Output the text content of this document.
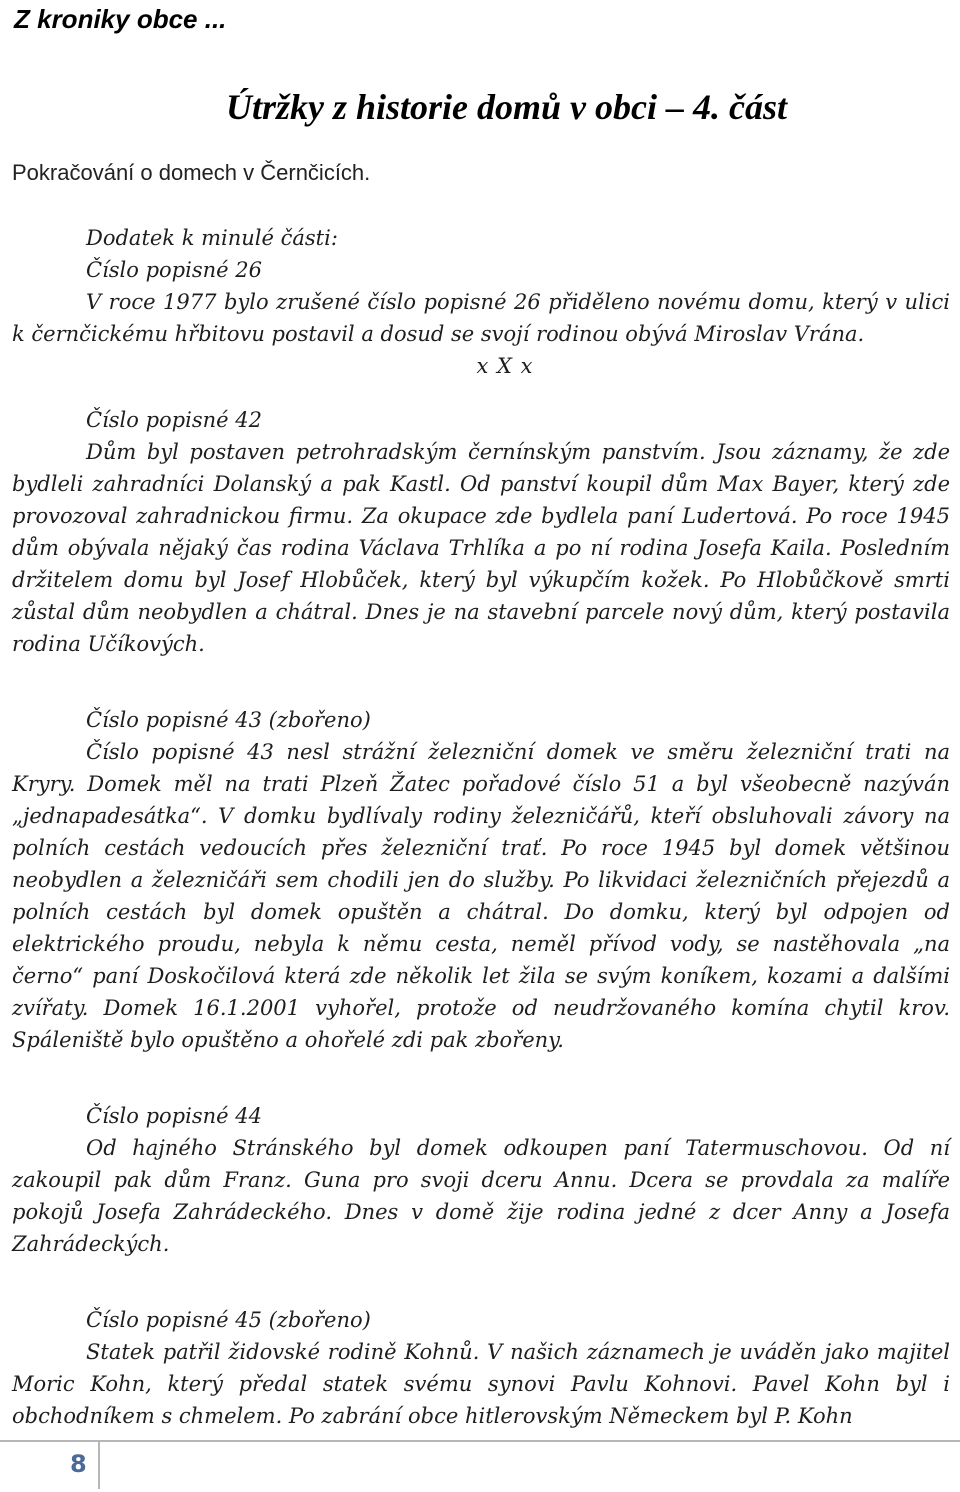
Z kroniky obce ...
Útržky z historie domů v obci – 4. část
Pokračování o domech v Černčicích.

Dodatek k minulé části:

Číslo popisné 26

V roce 1977 bylo zrušené číslo popisné 26 přiděleno novému domu, který v ulici k černčickému hřbitovu postavil a dosud se svojí rodinou obývá Miroslav Vrána.

x X x

Číslo popisné 42

Dům byl postaven petrohradským černínským panstvím. Jsou záznamy, že zde bydleli zahradníci Dolanský a pak Kastl. Od panství koupil dům Max Bayer, který zde provozoval zahradnickou firmu. Za okupace zde bydlela paní Ludertová. Po roce 1945 dům obývala nějaký čas rodina Václava Trhlíka a po ní rodina Josefa Kaila. Posledním držitelem domu byl Josef Hlobůček, který byl výkupčím kožek. Po Hlobůčkově smrti zůstal dům neobydlen a chátral. Dnes je na stavební parcele nový dům, který postavila rodina Učíkových.

Číslo popisné 43 (zbořeno)

Číslo popisné 43 nesl strážní železniční domek ve směru železniční trati na Kryry. Domek měl na trati Plzeň Žatec pořadové číslo 51 a byl všeobecně nazýván „jednapadesátka“. V domku bydlívaly rodiny železničářů, kteří obsluhovali závory na polních cestách vedoucích přes železniční trať. Po roce 1945 byl domek většinou neobydlen a železničáři sem chodili jen do služby. Po likvidaci železničních přejezdů a polních cestách byl domek opuštěn a chátral. Do domku, který byl odpojen od elektrického proudu, nebyla k němu cesta, neměl přívod vody, se nastěhovala „na černo“ paní Doskočilová která zde několik let žila se svým koníkem, kozami a dalšími zvířaty. Domek 16.1.2001 vyhořel, protože od neudržovaného komína chytil krov. Spáleniště bylo opuštěno a ohořelé zdi pak zbořeny.

Číslo popisné 44

Od hajného Stránského byl domek odkoupen paní Tatermuschovou. Od ní zakoupil pak dům Franz. Guna pro svoji dceru Annu. Dcera se provdala za malíře pokojů Josefa Zahrádeckého. Dnes v domě žije rodina jedné z dcer Anny a Josefa Zahrádeckých.

Číslo popisné 45 (zbořeno)

Statek patřil židovské rodině Kohnů. V našich záznamech je uváděn jako majitel Moric Kohn, který předal statek svému synovi Pavlu Kohnovi. Pavel Kohn byl i obchodníkem s chmelem. Po zabrání obce hitlerovským Německem byl P. Kohn

8
